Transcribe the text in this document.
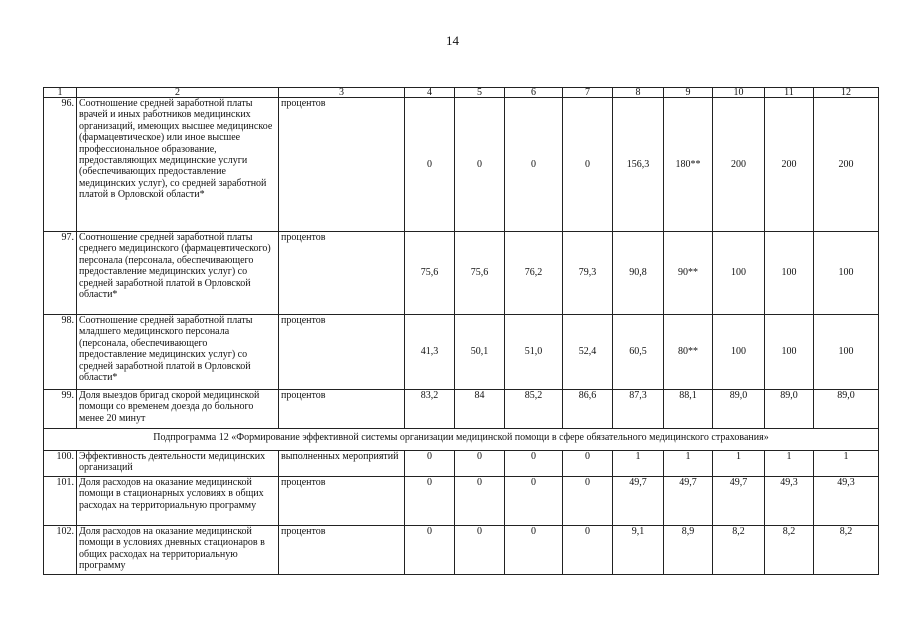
14
1	2	3	4	5	6	7	8	9	10	11	12
96.	Соотношение средней заработной платы врачей и иных работников медицинских организаций, имеющих высшее медицинское (фармацевтическое) или иное высшее профессиональное образование, предоставляющих медицинские услуги (обеспечивающих предоставление медицинских услуг), со средней заработной платой в Орловской области*	процентов	0	0	0	0	156,3	180**	200	200	200
97.	Соотношение средней заработной платы среднего медицинского (фармацевтического) персонала (персонала, обеспечивающего предоставление медицинских услуг) со средней заработной платой в Орловской области*	процентов	75,6	75,6	76,2	79,3	90,8	90**	100	100	100
98.	Соотношение средней заработной платы младшего медицинского персонала (персонала, обеспечивающего предоставление медицинских услуг) со средней заработной платой в Орловской области*	процентов	41,3	50,1	51,0	52,4	60,5	80**	100	100	100
99.	Доля выездов бригад скорой медицинской помощи со временем доезда до больного менее 20 минут	процентов	83,2	84	85,2	86,6	87,3	88,1	89,0	89,0	89,0
Подпрограмма 12 «Формирование эффективной системы организации медицинской помощи в сфере обязательного медицинского страхования»											
100.	Эффективность деятельности медицинских организаций	выполненных мероприятий	0	0	0	0	1	1	1	1	1
101.	Доля расходов на оказание медицинской помощи в стационарных условиях в общих расходах на территориальную программу	процентов	0	0	0	0	49,7	49,7	49,7	49,3	49,3
102.	Доля расходов на оказание медицинской помощи в условиях дневных стационаров в общих расходах на территориальную программу	процентов	0	0	0	0	9,1	8,9	8,2	8,2	8,2
